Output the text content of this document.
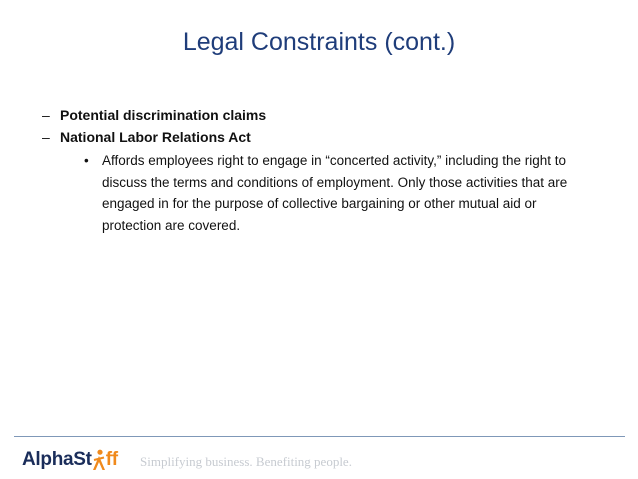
Legal Constraints (cont.)
– Potential discrimination claims
– National Labor Relations Act
• Affords employees right to engage in “concerted activity,” including the right to discuss the terms and conditions of employment. Only those activities that are engaged in for the purpose of collective bargaining or other mutual aid or protection are covered.
AlphaSt ff Simplifying business. Benefiting people.
